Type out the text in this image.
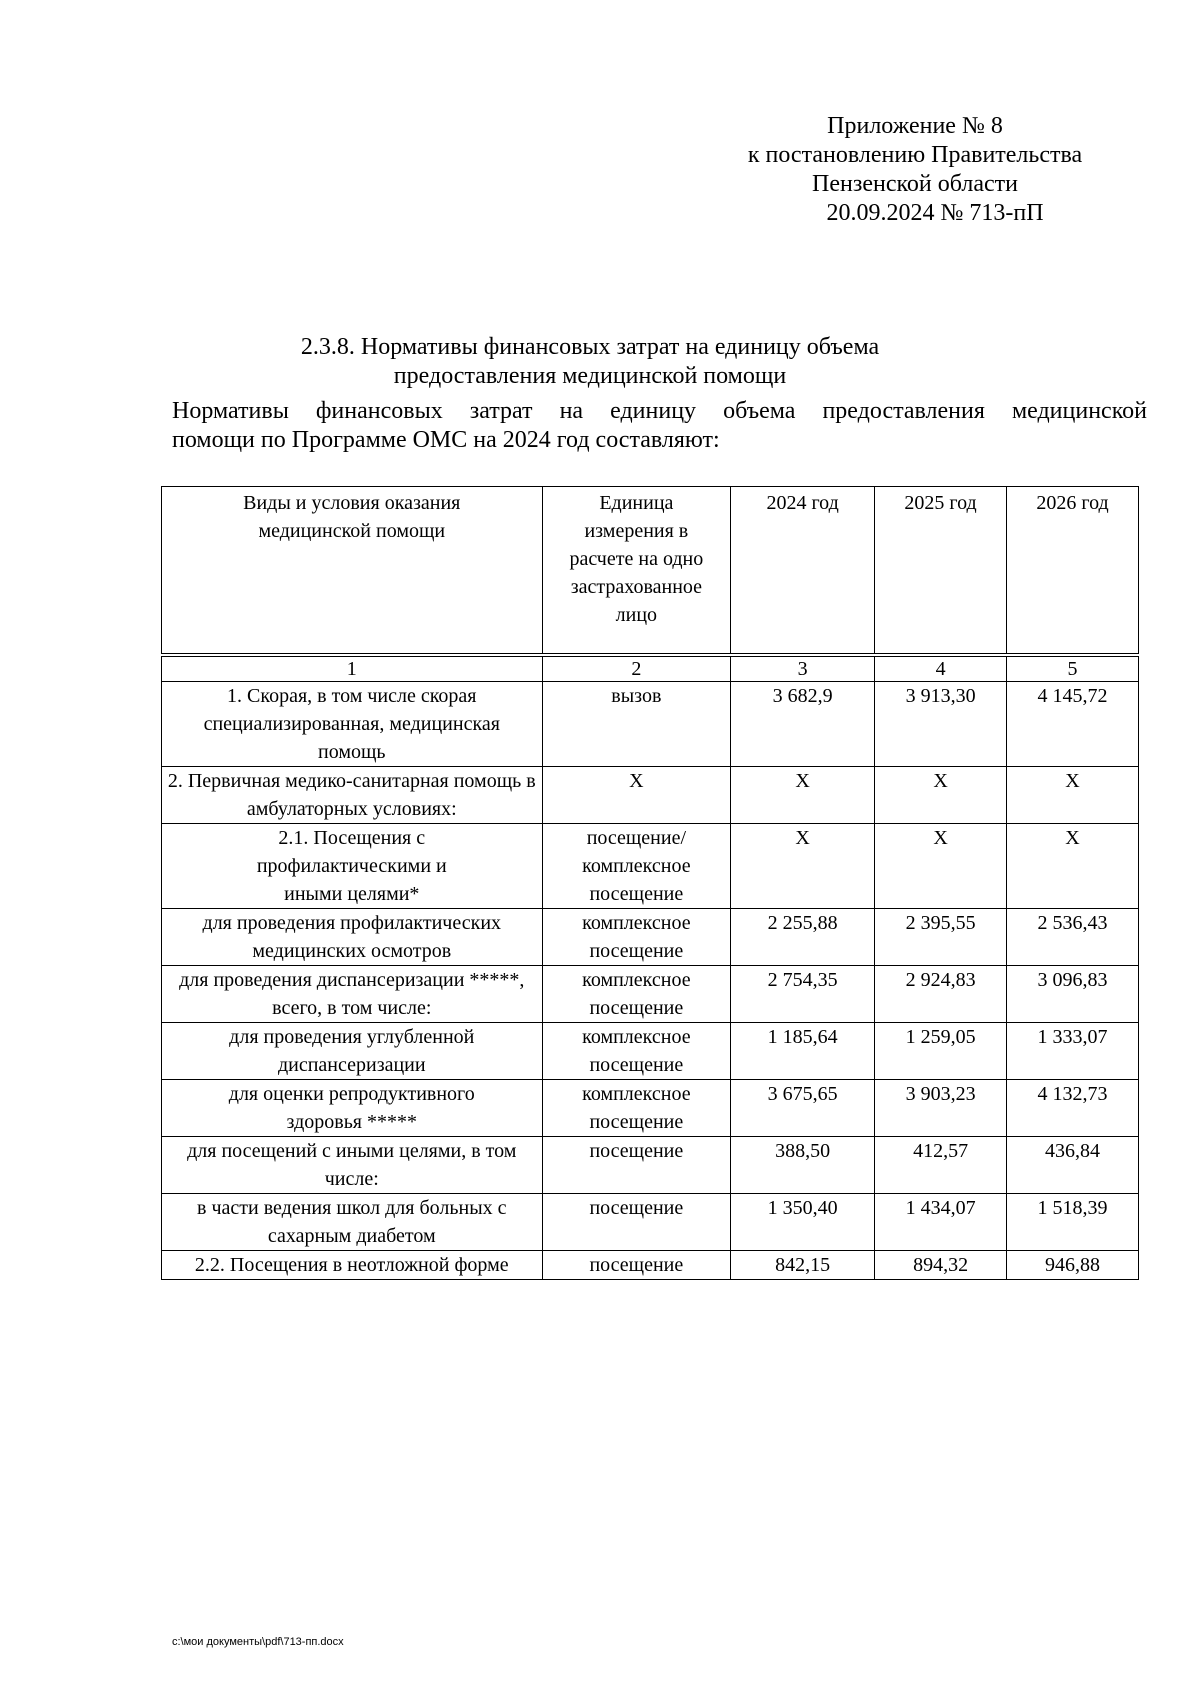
Приложение № 8
к постановлению Правительства
Пензенской области
20.09.2024 № 713-пП
2.3.8. Нормативы финансовых затрат на единицу объема
предоставления медицинской помощи
Нормативы финансовых затрат на единицу объема предоставления медицинской
помощи по Программе ОМС на 2024 год составляют:
Виды и условия оказания медицинской помощи	Единица измерения в расчете на одно застрахованное лицо	2024 год	2025 год	2026 год
1	2	3	4	5
1. Скорая, в том числе скорая специализированная, медицинская помощь	вызов	3 682,9	3 913,30	4 145,72
2. Первичная медико-санитарная помощь в амбулаторных условиях:	Х	Х	Х	Х
2.1. Посещения с профилактическими и иными целями*	посещение/ комплексное посещение	Х	Х	Х
для проведения профилактических медицинских осмотров	комплексное посещение	2 255,88	2 395,55	2 536,43
для проведения диспансеризации *****, всего, в том числе:	комплексное посещение	2 754,35	2 924,83	3 096,83
для проведения углубленной диспансеризации	комплексное посещение	1 185,64	1 259,05	1 333,07
для оценки репродуктивного здоровья *****	комплексное посещение	3 675,65	3 903,23	4 132,73
для посещений с иными целями, в том числе:	посещение	388,50	412,57	436,84
в части ведения школ для больных с сахарным диабетом	посещение	1 350,40	1 434,07	1 518,39
2.2. Посещения в неотложной форме	посещение	842,15	894,32	946,88
c:\мои документы\pdf\713-пп.docx
